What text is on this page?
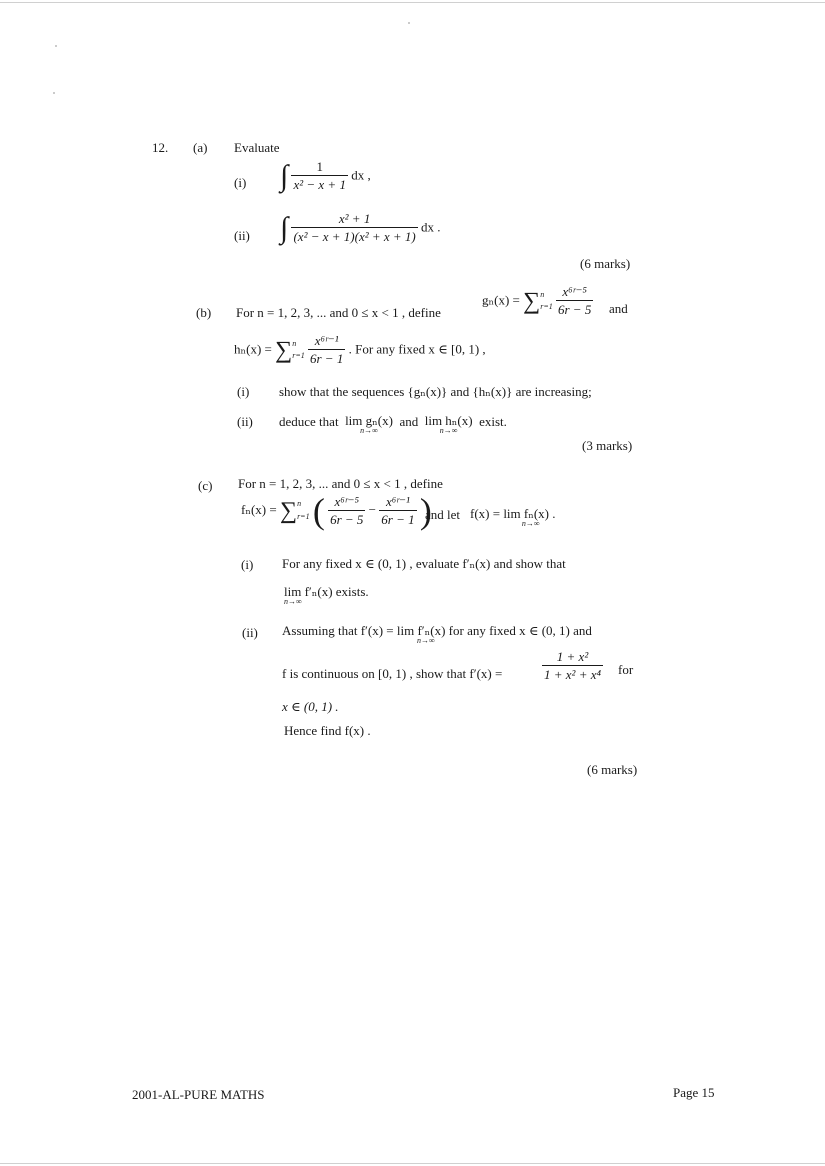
12. (a) Evaluate
(i) ∫ $\frac{1}{\text{x² − x + 1}}$ dx ,
(ii) ∫ $\frac{\text{x² + 1}}{\text{(x² − x + 1)(x² + x + 1)}}$ dx .
(6 marks)
(b) For n = 1, 2, 3, ... and 0 ≤ x < 1 , define
gₙ(x) = ∑ n
r=1
$\frac{\text{x⁶ʳ⁻⁵}}{6r - 5}$ and
hₙ(x) = ∑ n
r=1
$\frac{\text{x⁶ʳ⁻¹}}{6r - 1}$ . For any fixed x ∈ [0, 1) ,
(i) show that the sequences {gₙ(x)} and {hₙ(x)} are increasing;
(ii) deduce that lim gₙ(x)
n→∞
and lim hₙ(x)
n→∞
exist.
(3 marks)
(c) For n = 1, 2, 3, ... and 0 ≤ x < 1 , define
fₙ(x) = ∑ n
r=1 ( $\frac{\text{x⁶ʳ⁻⁵}}{6r - 5} - \frac{\text{x⁶ʳ⁻¹}}{6r - 1}$ )
and let f(x) = lim fₙ(x) .
n→∞
(i) For any fixed x ∈ (0, 1) , evaluate f′ₙ(x) and show that
lim f′ₙ(x) exists.
n→∞
(ii) Assuming that f′(x) = lim f′ₙ(x) for any fixed x ∈ (0, 1) and
n→∞
f is continuous on [0, 1) , show that f′(x) =	$\frac{\text{1 + x²}}{\text{1 + x² + x⁴}}$ for
x ∈ (0, 1) .
Hence find f(x) .
(6 marks)
2001-AL-PURE MATHS	Page 15
